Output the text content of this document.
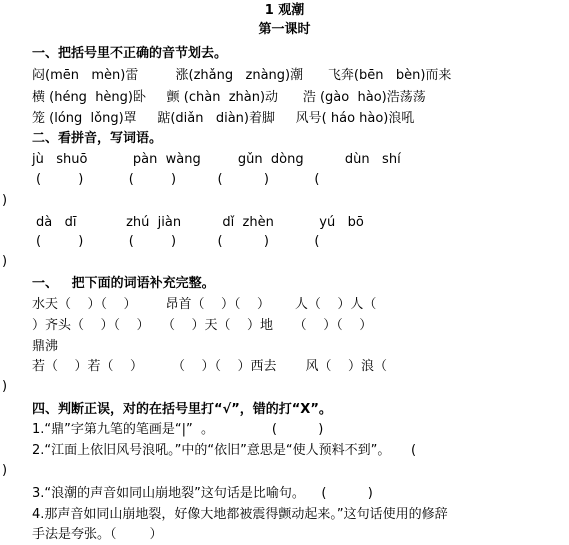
1 观潮
第一课时
一、把括号里不正确的音节划去。
闷(mēn   mèn)雷         涨(zhǎng   znàng)潮      飞奔(bēn   bèn)而来
横 (héng  hèng)卧     颤 (chàn  zhàn)动      浩 (gào  hào)浩荡荡
笼 (lóng  lǒng)罩     踮(diǎn   diàn)着脚     风号( háo hào)浪吼
二、看拼音，写词语。
jù   shuō           pàn  wàng         gǔn  dòng          dùn   shí
(         )           (         )          (          )           (
)
dà   dī            zhú  jiàn          dǐ  zhèn           yú   bō
(         )           (         )          (          )           (
)
一、   把下面的词语补充完整。
水天（    ）（    ）       昂首（    ）（    ）      人（    ）人（
）齐头（    ）（    ）   （    ）天（    ）地     （    ）（    ）
鼎沸
若（    ）若（    ）       （    ）（    ）西去       风（    ）浪（
)
四、判断正误，对的在括号里打“√”，错的打“X”。
1.“鼎”字第九笔的笔画是“|”  。              (          )
2.“江面上依旧风号浪吼。”中的“依旧”意思是“使人预料不到”。     (
)
3.“浪潮的声音如同山崩地裂”这句话是比喻句。    (          )
4.那声音如同山崩地裂，好像大地都被震得颤动起来。”这句话使用的修辞
手法是夸张。（        ）
